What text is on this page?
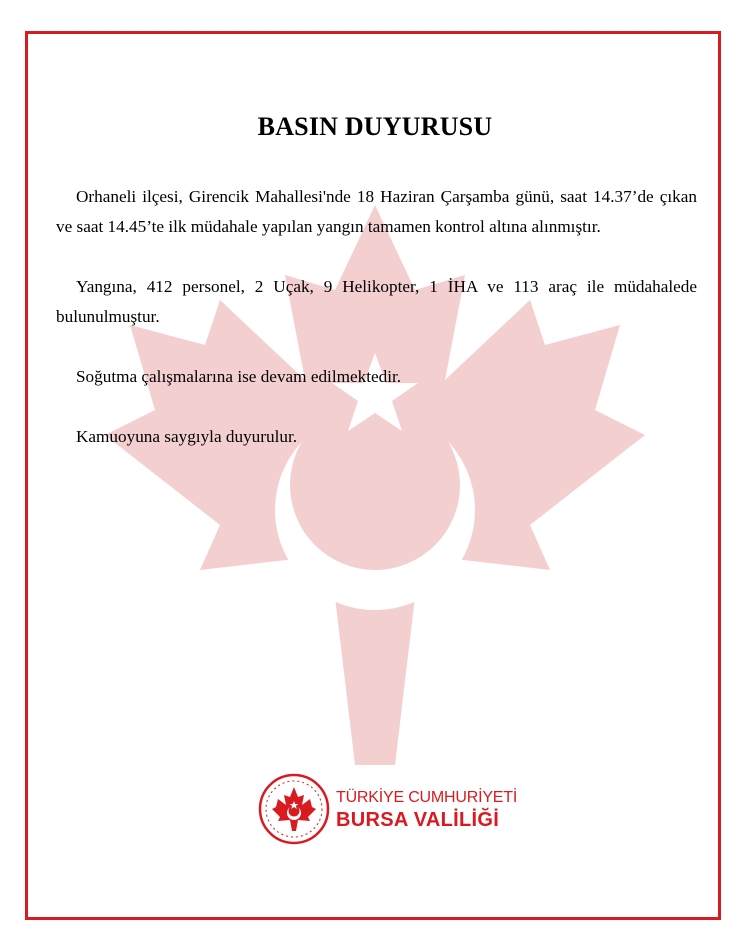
BASIN DUYURUSU

Orhaneli ilçesi, Girencik Mahallesi'nde 18 Haziran Çarşamba günü, saat 14.37’de çıkan ve saat 14.45’te ilk müdahale yapılan yangın tamamen kontrol altına alınmıştır.

Yangına, 412 personel, 2 Uçak, 9 Helikopter, 1 İHA ve 113 araç ile müdahalede bulunulmuştur.

Soğutma çalışmalarına ise devam edilmektedir.

Kamuoyuna saygıyla duyurulur.

TÜRKİYE CUMHURİYETİ
BURSA VALİLİĞİ
